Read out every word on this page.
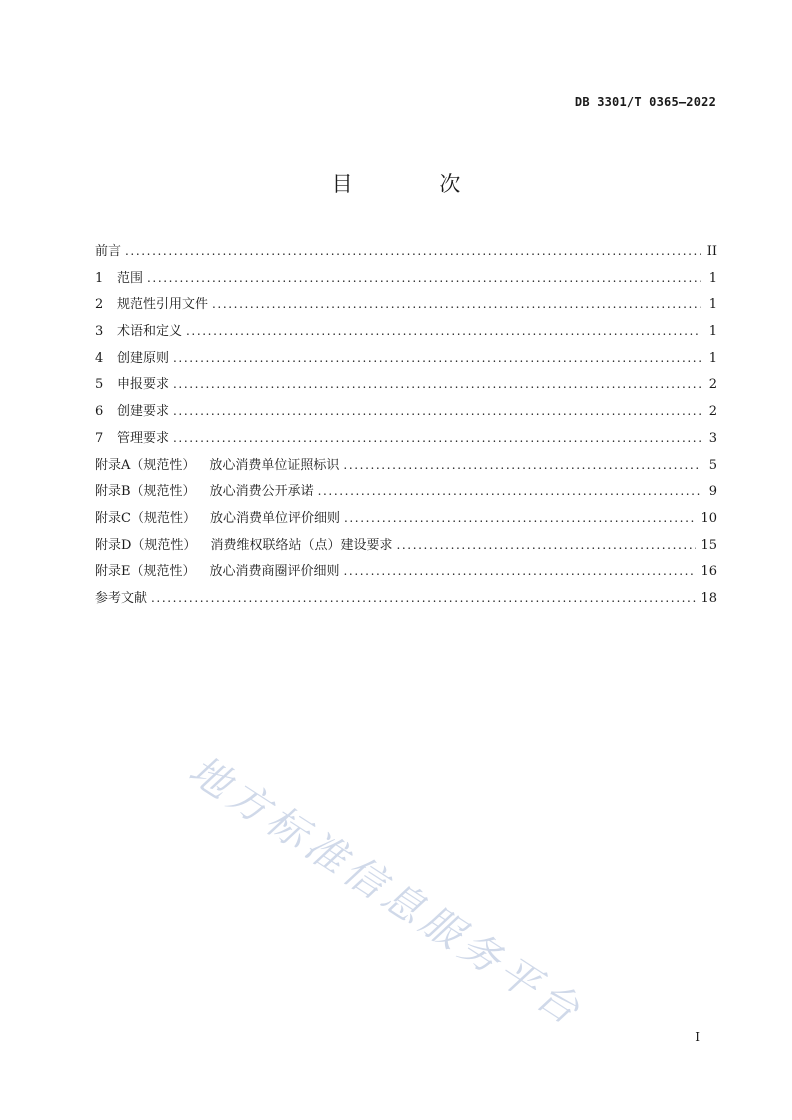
DB 3301/T 0365—2022
目 次
前言 .....	II
1 范围 .....	1
2 规范性引用文件 .....	1
3 术语和定义 .....	1
4 创建原则 .....	1
5 申报要求 .....	2
6 创建要求 .....	2
7 管理要求 .....	3
附录A（规范性） 放心消费单位证照标识 .....	5
附录B（规范性） 放心消费公开承诺 .....	9
附录C（规范性） 放心消费单位评价细则 .....	10
附录D（规范性） 消费维权联络站（点）建设要求 .....	15
附录E（规范性） 放心消费商圈评价细则 .....	16
参考文献 .....	18
地方标准信息服务平台
I
